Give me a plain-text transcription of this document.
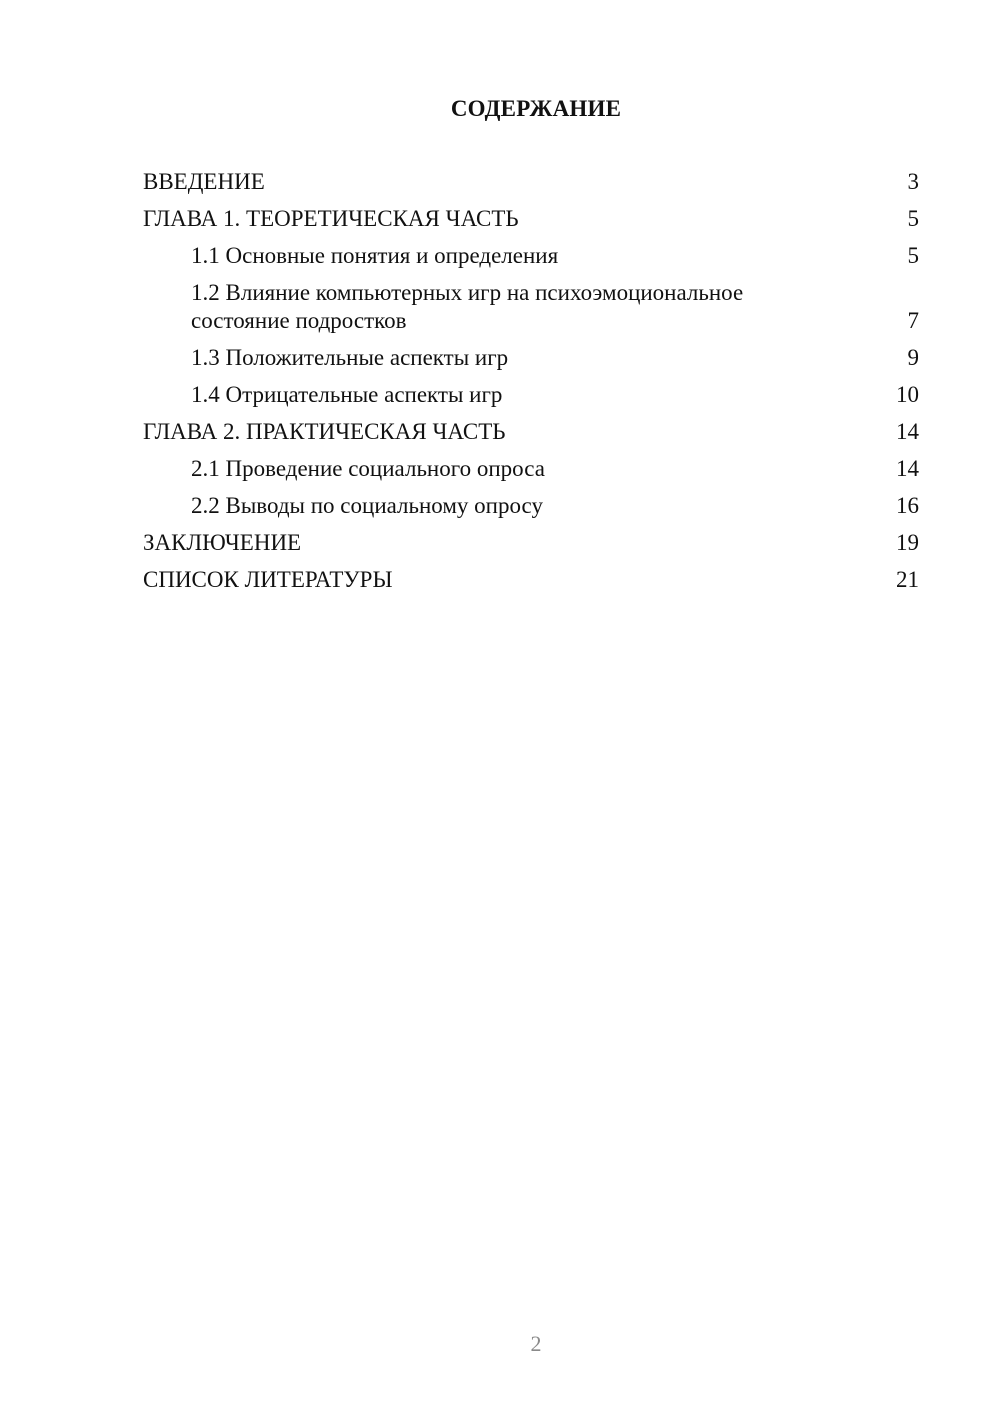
СОДЕРЖАНИЕ
ВВЕДЕНИЕ	3
ГЛАВА 1. ТЕОРЕТИЧЕСКАЯ ЧАСТЬ	5
1.1 Основные понятия и определения	5
1.2 Влияние компьютерных игр на психоэмоциональное состояние подростков	7
1.3 Положительные аспекты игр	9
1.4 Отрицательные аспекты игр	10
ГЛАВА 2. ПРАКТИЧЕСКАЯ ЧАСТЬ	14
2.1 Проведение социального опроса	14
2.2 Выводы по социальному опросу	16
ЗАКЛЮЧЕНИЕ	19
СПИСОК ЛИТЕРАТУРЫ	21
2
